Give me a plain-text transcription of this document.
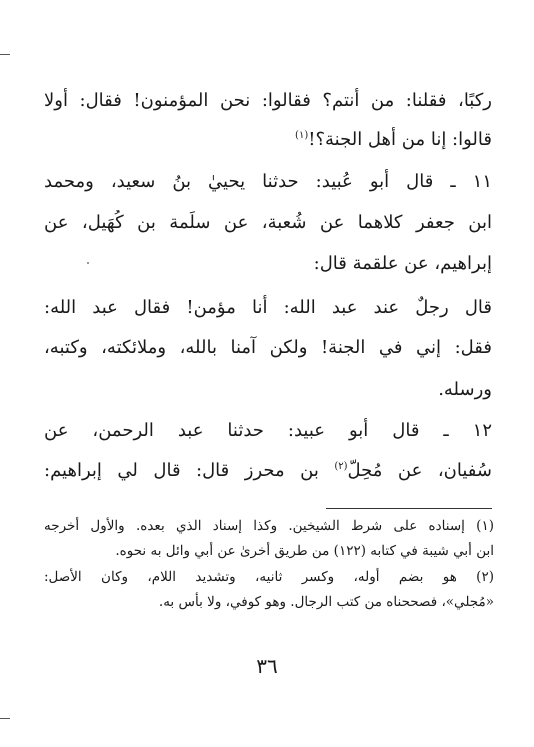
ركبًا، فقلنا: من أنتم؟ فقالوا: نحن المؤمنون! فقال: أولا
قالوا: إنا من أهل الجنة؟!$^{(١)}$
١١ ـ قال أبو عُبيد: حدثنا يحييٰ بنُ سعيد، ومحمد
ابن جعفر كلاهما عن شُعبة، عن سلَمة بن كُهَيل، عن
إبراهيم، عن علقمة قال:
قال رجلٌ عند عبد الله: أنا مؤمن! فقال عبد الله:
فقل: إني في الجنة! ولكن آمنا بالله، وملائكته، وكتبه،
ورسله.
١٢ ـ قال أبو عبيد: حدثنا عبد الرحمن، عن
سُفيان، عن مُحِلّ$^{(٢)}$ بن محرز قال: قال لي إبراهيم:
(١) إسناده على شرط الشيخين. وكذا إسناد الذي بعده. والأول أخرجه
ابن أبي شيبة في كتابه (١٢٢) من طريق أخرىٰ عن أبي وائل به نحوه.
(٢) هو بضم أوله، وكسر ثانيه، وتشديد اللام، وكان الأصل:
«مُجلي»، فصححناه من كتب الرجال. وهو كوفي، ولا بأس به.
٣٦
